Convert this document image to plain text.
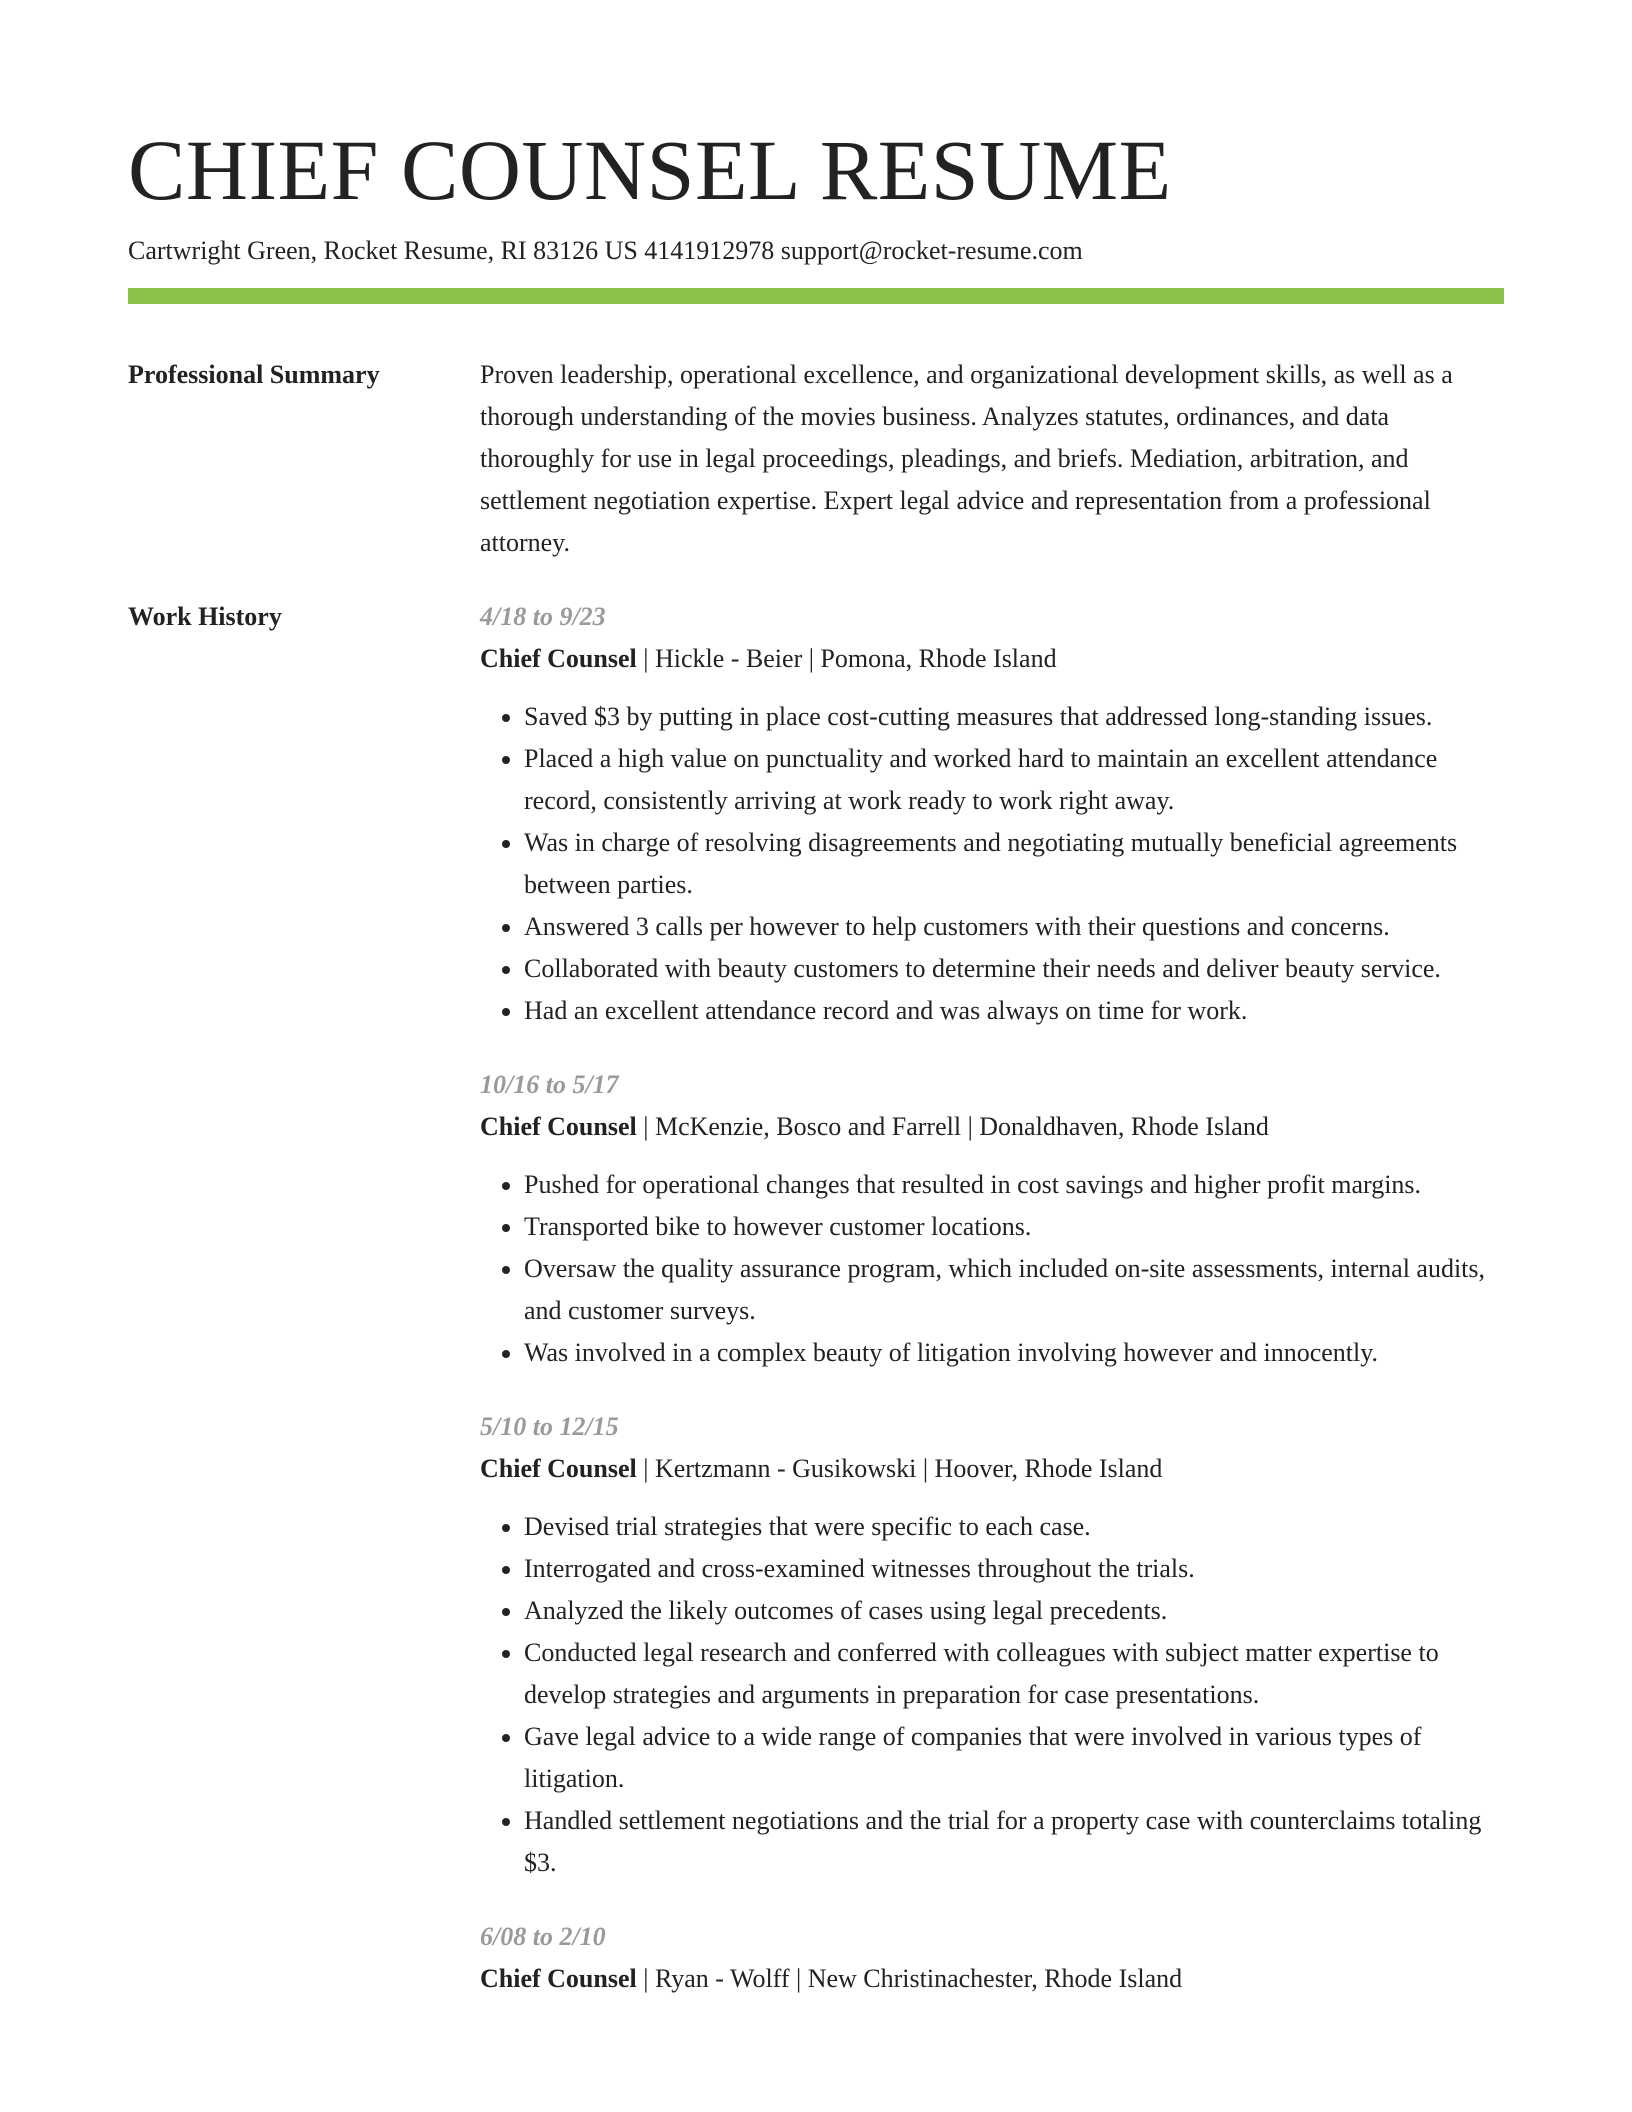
CHIEF COUNSEL RESUME
Cartwright Green, Rocket Resume, RI 83126 US 4141912978 support@rocket-resume.com
Professional Summary	Proven leadership, operational excellence, and organizational development skills, as well as a thorough understanding of the movies business. Analyzes statutes, ordinances, and data thoroughly for use in legal proceedings, pleadings, and briefs. Mediation, arbitration, and settlement negotiation expertise. Expert legal advice and representation from a professional attorney.
Work History	4/18 to 9/23
Chief Counsel | Hickle - Beier | Pomona, Rhode Island
• Saved $3 by putting in place cost-cutting measures that addressed long-standing issues.
• Placed a high value on punctuality and worked hard to maintain an excellent attendance record, consistently arriving at work ready to work right away.
• Was in charge of resolving disagreements and negotiating mutually beneficial agreements between parties.
• Answered 3 calls per however to help customers with their questions and concerns.
• Collaborated with beauty customers to determine their needs and deliver beauty service.
• Had an excellent attendance record and was always on time for work.
10/16 to 5/17
Chief Counsel | McKenzie, Bosco and Farrell | Donaldhaven, Rhode Island
• Pushed for operational changes that resulted in cost savings and higher profit margins.
• Transported bike to however customer locations.
• Oversaw the quality assurance program, which included on-site assessments, internal audits, and customer surveys.
• Was involved in a complex beauty of litigation involving however and innocently.
5/10 to 12/15
Chief Counsel | Kertzmann - Gusikowski | Hoover, Rhode Island
• Devised trial strategies that were specific to each case.
• Interrogated and cross-examined witnesses throughout the trials.
• Analyzed the likely outcomes of cases using legal precedents.
• Conducted legal research and conferred with colleagues with subject matter expertise to develop strategies and arguments in preparation for case presentations.
• Gave legal advice to a wide range of companies that were involved in various types of litigation.
• Handled settlement negotiations and the trial for a property case with counterclaims totaling $3.
6/08 to 2/10
Chief Counsel | Ryan - Wolff | New Christinachester, Rhode Island
